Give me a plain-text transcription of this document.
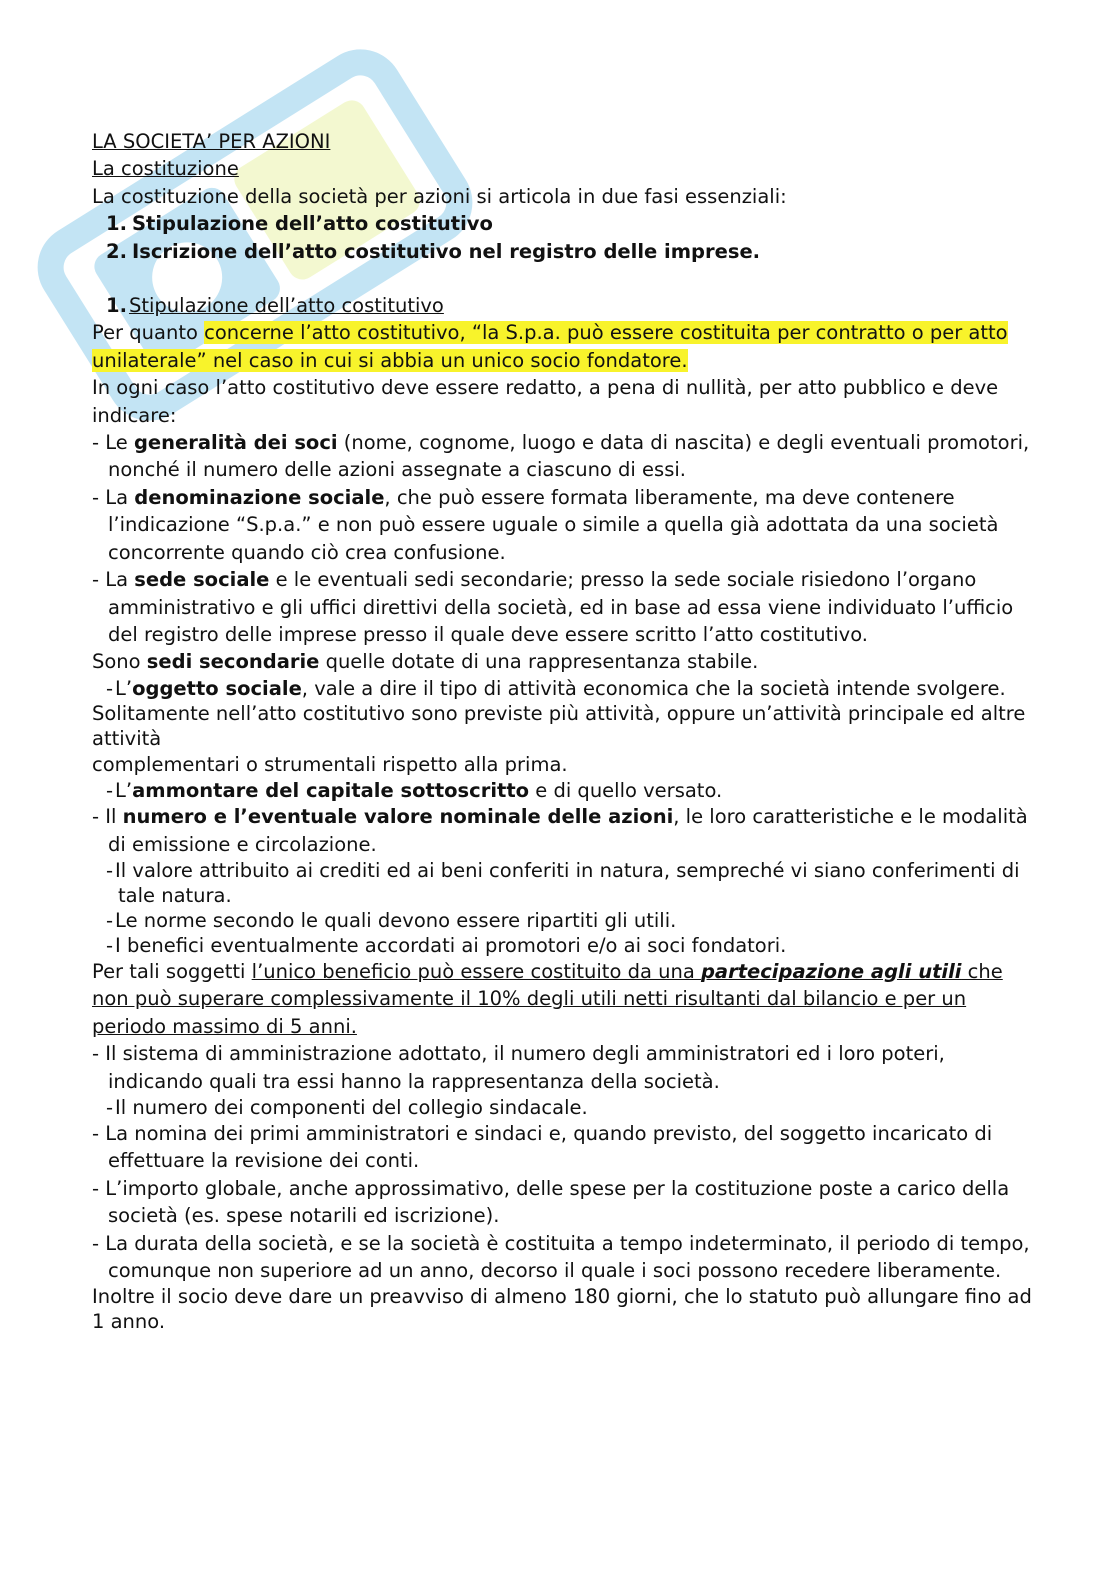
LA SOCIETA’ PER AZIONI

La costituzione

La costituzione della società per azioni si articola in due fasi essenziali:

1. Stipulazione dell’atto costitutivo
2. Iscrizione dell’atto costitutivo nel registro delle imprese.
1. Stipulazione dell’atto costitutivo

Per quanto concerne l’atto costitutivo, “la S.p.a. può essere costituita per contratto o per atto unilaterale” nel caso in cui si abbia un unico socio fondatore.

In ogni caso l’atto costitutivo deve essere redatto, a pena di nullità, per atto pubblico e deve indicare:

- Le generalità dei soci (nome, cognome, luogo e data di nascita) e degli eventuali promotori, nonché il numero delle azioni assegnate a ciascuno di essi.
- La denominazione sociale, che può essere formata liberamente, ma deve contenere l’indicazione “S.p.a.” e non può essere uguale o simile a quella già adottata da una società concorrente quando ciò crea confusione.
- La sede sociale e le eventuali sedi secondarie; presso la sede sociale risiedono l’organo amministrativo e gli uffici direttivi della società, ed in base ad essa viene individuato l’ufficio del registro delle imprese presso il quale deve essere scritto l’atto costitutivo.

Sono sedi secondarie quelle dotate di una rappresentanza stabile.

- L’oggetto sociale, vale a dire il tipo di attività economica che la società intende svolgere.

Solitamente nell’atto costitutivo sono previste più attività, oppure un’attività principale ed altre attività

complementari o strumentali rispetto alla prima.

- L’ammontare del capitale sottoscritto e di quello versato.
- Il numero e l’eventuale valore nominale delle azioni, le loro caratteristiche e le modalità di emissione e circolazione.
- Il valore attribuito ai crediti ed ai beni conferiti in natura, sempreché vi siano conferimenti di tale natura.
- Le norme secondo le quali devono essere ripartiti gli utili.
- I benefici eventualmente accordati ai promotori e/o ai soci fondatori.

Per tali soggetti l’unico beneficio può essere costituito da una partecipazione agli utili che non può superare complessivamente il 10% degli utili netti risultanti dal bilancio e per un periodo massimo di 5 anni.

- Il sistema di amministrazione adottato, il numero degli amministratori ed i loro poteri, indicando quali tra essi hanno la rappresentanza della società.
- Il numero dei componenti del collegio sindacale.
- La nomina dei primi amministratori e sindaci e, quando previsto, del soggetto incaricato di effettuare la revisione dei conti.
- L’importo globale, anche approssimativo, delle spese per la costituzione poste a carico della società (es. spese notarili ed iscrizione).
- La durata della società, e se la società è costituita a tempo indeterminato, il periodo di tempo, comunque non superiore ad un anno, decorso il quale i soci possono recedere liberamente.

Inoltre il socio deve dare un preavviso di almeno 180 giorni, che lo statuto può allungare fino ad 1 anno.
